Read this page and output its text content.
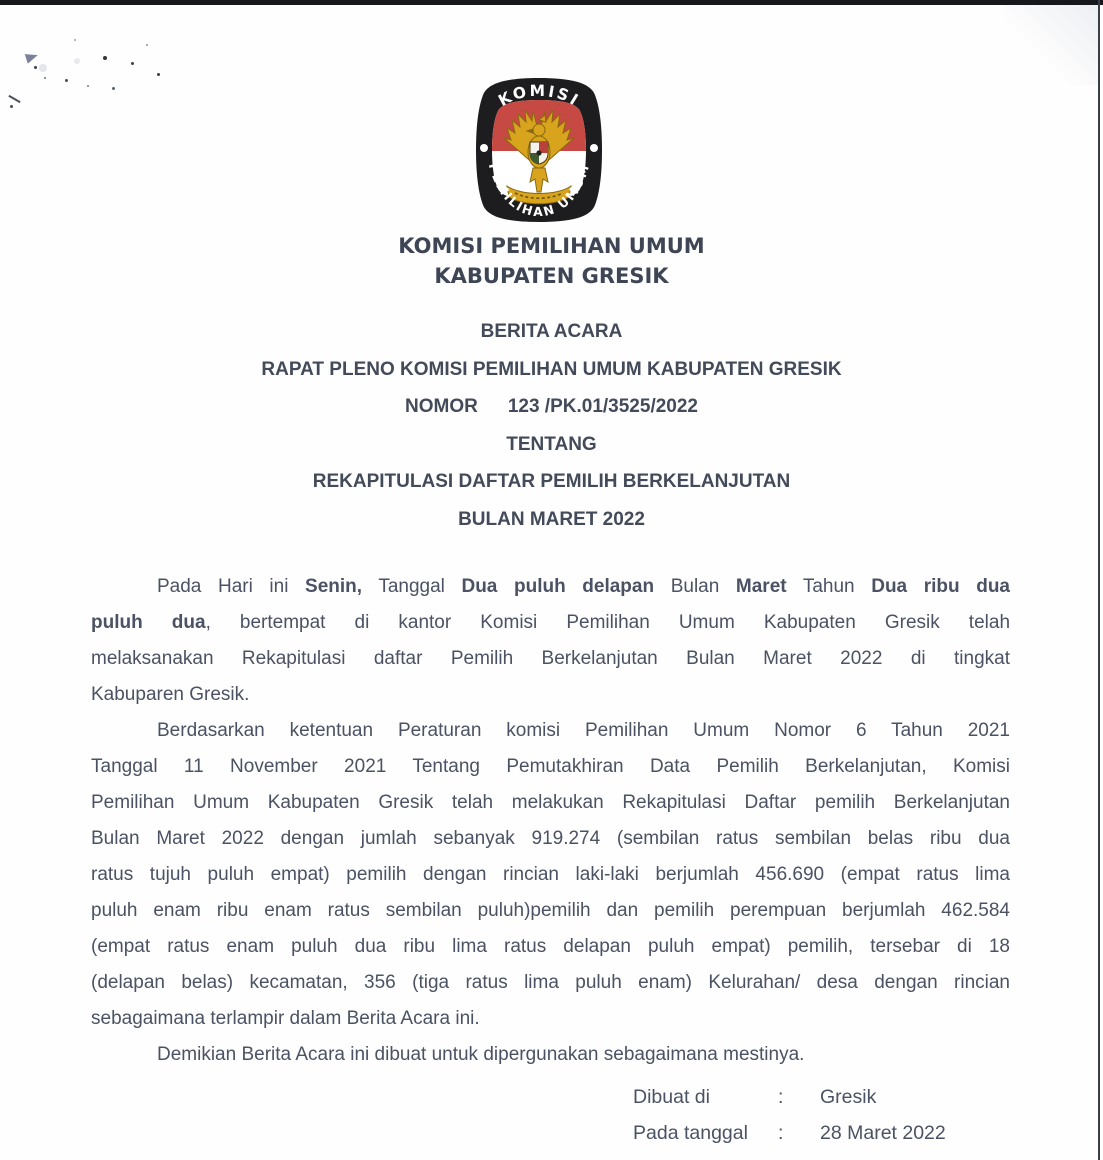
KOMISI
PEMILIHAN UMUM
KOMISI PEMILIHAN UMUM
KABUPATEN GRESIK
BERITA ACARA
RAPAT PLENO KOMISI PEMILIHAN UMUM KABUPATEN GRESIK
NOMOR 123 /PK.01/3525/2022
TENTANG
REKAPITULASI DAFTAR PEMILIH BERKELANJUTAN
BULAN MARET 2022
Pada Hari ini Senin, Tanggal Dua puluh delapan Bulan Maret Tahun Dua ribu dua
puluh dua, bertempat di kantor Komisi Pemilihan Umum Kabupaten Gresik telah
melaksanakan Rekapitulasi daftar Pemilih Berkelanjutan Bulan Maret 2022 di tingkat
Kabuparen Gresik.
Berdasarkan ketentuan Peraturan komisi Pemilihan Umum Nomor 6 Tahun 2021
Tanggal 11 November 2021 Tentang Pemutakhiran Data Pemilih Berkelanjutan, Komisi
Pemilihan Umum Kabupaten Gresik telah melakukan Rekapitulasi Daftar pemilih Berkelanjutan
Bulan Maret 2022 dengan jumlah sebanyak 919.274 (sembilan ratus sembilan belas ribu dua
ratus tujuh puluh empat) pemilih dengan rincian laki-laki berjumlah 456.690 (empat ratus lima
puluh enam ribu enam ratus sembilan puluh)pemilih dan pemilih perempuan berjumlah 462.584
(empat ratus enam puluh dua ribu lima ratus delapan puluh empat) pemilih, tersebar di 18
(delapan belas) kecamatan, 356 (tiga ratus lima puluh enam) Kelurahan/ desa dengan rincian
sebagaimana terlampir dalam Berita Acara ini.
Demikian Berita Acara ini dibuat untuk dipergunakan sebagaimana mestinya.
Dibuat di	:	Gresik
Pada tanggal	:	28 Maret 2022
